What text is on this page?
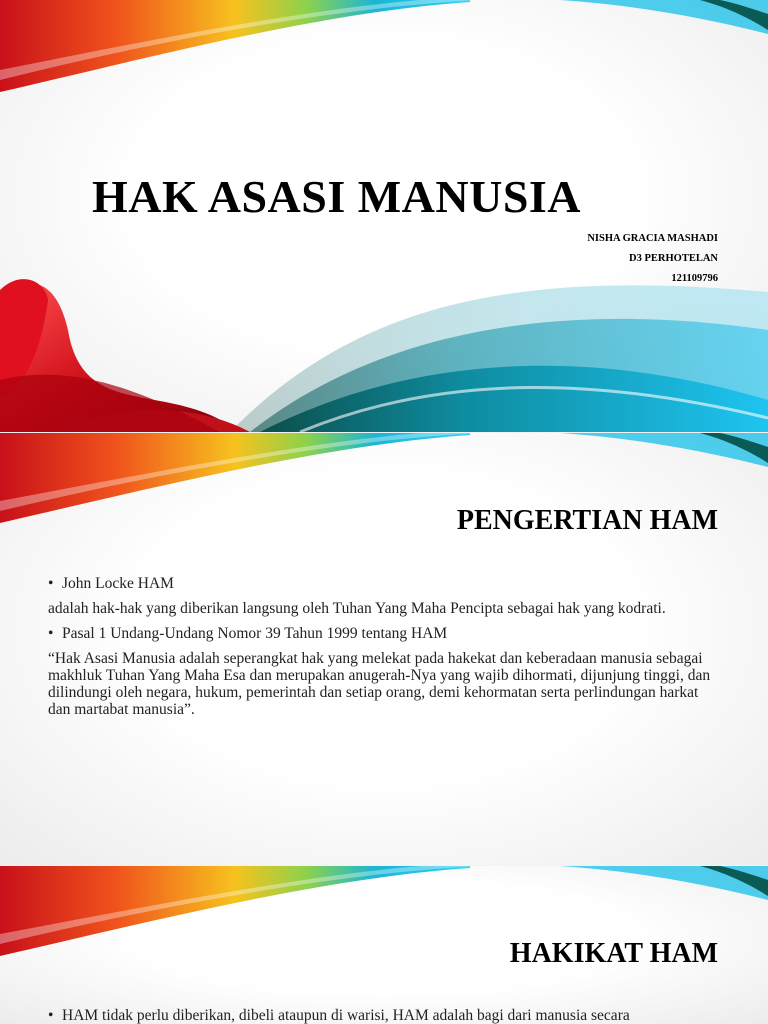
HAK ASASI MANUSIA
NISHA GRACIA MASHADI
D3 PERHOTELAN
121109796
PENGERTIAN HAM

• John Locke HAM

adalah hak-hak yang diberikan langsung oleh Tuhan Yang Maha Pencipta sebagai hak yang kodrati.

• Pasal 1 Undang-Undang Nomor 39 Tahun 1999 tentang HAM

“Hak Asasi Manusia adalah seperangkat hak yang melekat pada hakekat dan keberadaan manusia sebagai makhluk Tuhan Yang Maha Esa dan merupakan anugerah-Nya yang wajib dihormati, dijunjung tinggi, dan dilindungi oleh negara, hukum, pemerintah dan setiap orang, demi kehormatan serta perlindungan harkat dan martabat manusia”.

HAKIKAT HAM

• HAM tidak perlu diberikan, dibeli ataupun di warisi, HAM adalah bagi dari manusia secara
